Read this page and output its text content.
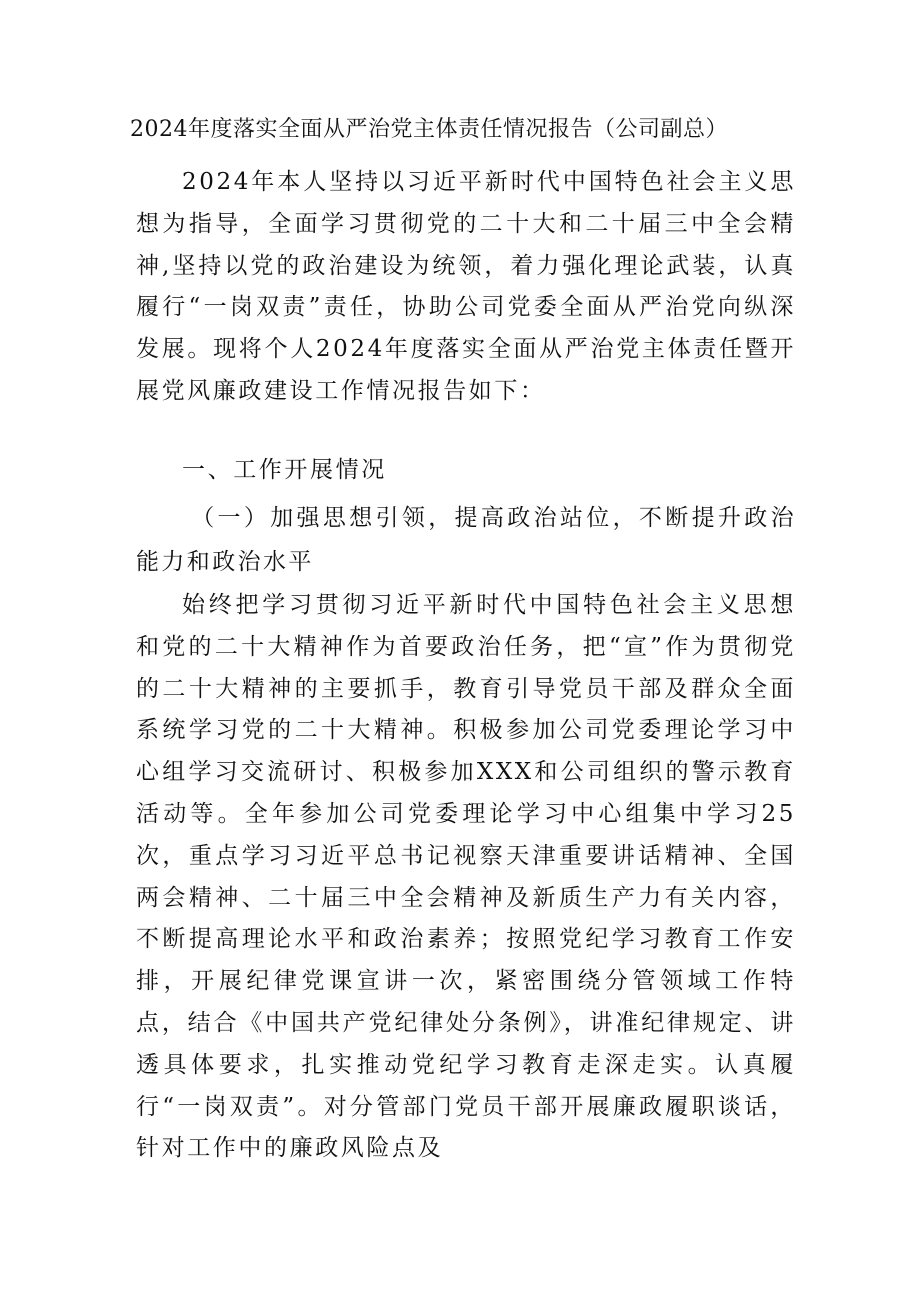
2024年度落实全面从严治党主体责任情况报告（公司副总）
2024年本人坚持以习近平新时代中国特色社会主义思想为指导，全面学习贯彻党的二十大和二十届三中全会精神,坚持以党的政治建设为统领，着力强化理论武装，认真履行“一岗双责”责任，协助公司党委全面从严治党向纵深发展。现将个人2024年度落实全面从严治党主体责任暨开展党风廉政建设工作情况报告如下：
一、工作开展情况
（一）加强思想引领，提高政治站位，不断提升政治能力和政治水平
始终把学习贯彻习近平新时代中国特色社会主义思想和党的二十大精神作为首要政治任务，把“宣”作为贯彻党的二十大精神的主要抓手，教育引导党员干部及群众全面系统学习党的二十大精神。积极参加公司党委理论学习中心组学习交流研讨、积极参加XXX和公司组织的警示教育活动等。全年参加公司党委理论学习中心组集中学习25次，重点学习习近平总书记视察天津重要讲话精神、全国两会精神、二十届三中全会精神及新质生产力有关内容，不断提高理论水平和政治素养；按照党纪学习教育工作安排，开展纪律党课宣讲一次，紧密围绕分管领域工作特点，结合《中国共产党纪律处分条例》，讲准纪律规定、讲透具体要求，扎实推动党纪学习教育走深走实。认真履行“一岗双责”。对分管部门党员干部开展廉政履职谈话，针对工作中的廉政风险点及
